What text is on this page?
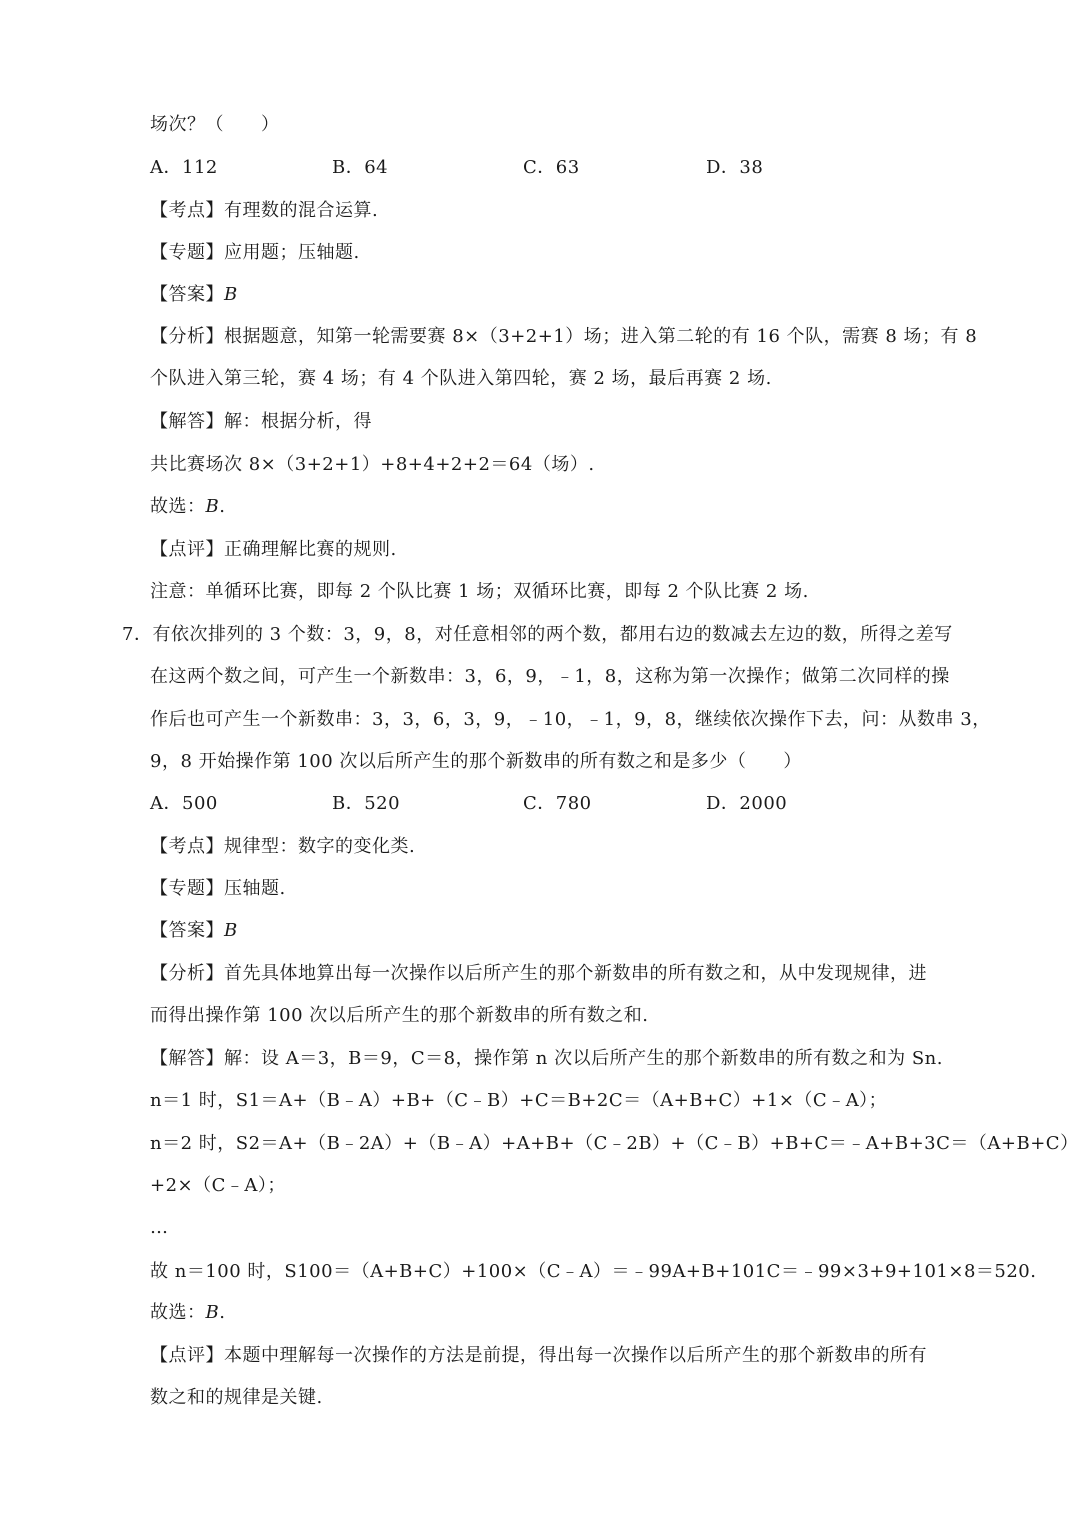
场次？（　　）
A．112	B．64	C．63	D．38
【考点】有理数的混合运算.
【专题】应用题；压轴题.
【答案】B
【分析】根据题意，知第一轮需要赛 8×（3+2+1）场；进入第二轮的有 16 个队，需赛 8 场；有 8
个队进入第三轮，赛 4 场；有 4 个队进入第四轮，赛 2 场，最后再赛 2 场.
【解答】解：根据分析，得
共比赛场次 8×（3+2+1）+8+4+2+2＝64（场）.
故选：B.
【点评】正确理解比赛的规则.
注意：单循环比赛，即每 2 个队比赛 1 场；双循环比赛，即每 2 个队比赛 2 场.
7．有依次排列的 3 个数：3，9，8，对任意相邻的两个数，都用右边的数减去左边的数，所得之差写
在这两个数之间，可产生一个新数串：3，6，9，﹣1，8，这称为第一次操作；做第二次同样的操
作后也可产生一个新数串：3，3，6，3，9，﹣10，﹣1，9，8，继续依次操作下去，问：从数串 3，
9，8 开始操作第 100 次以后所产生的那个新数串的所有数之和是多少（　　）
A．500	B．520	C．780	D．2000
【考点】规律型：数字的变化类.
【专题】压轴题.
【答案】B
【分析】首先具体地算出每一次操作以后所产生的那个新数串的所有数之和，从中发现规律，进
而得出操作第 100 次以后所产生的那个新数串的所有数之和.
【解答】解：设 A＝3，B＝9，C＝8，操作第 n 次以后所产生的那个新数串的所有数之和为 Sn.
n＝1 时，S1＝A+（B﹣A）+B+（C﹣B）+C＝B+2C＝（A+B+C）+1×（C﹣A）；
n＝2 时，S2＝A+（B﹣2A）+（B﹣A）+A+B+（C﹣2B）+（C﹣B）+B+C＝﹣A+B+3C＝（A+B+C）
+2×（C﹣A）；
…
故 n＝100 时，S100＝（A+B+C）+100×（C﹣A）＝﹣99A+B+101C＝﹣99×3+9+101×8＝520.
故选：B.
【点评】本题中理解每一次操作的方法是前提，得出每一次操作以后所产生的那个新数串的所有
数之和的规律是关键.
